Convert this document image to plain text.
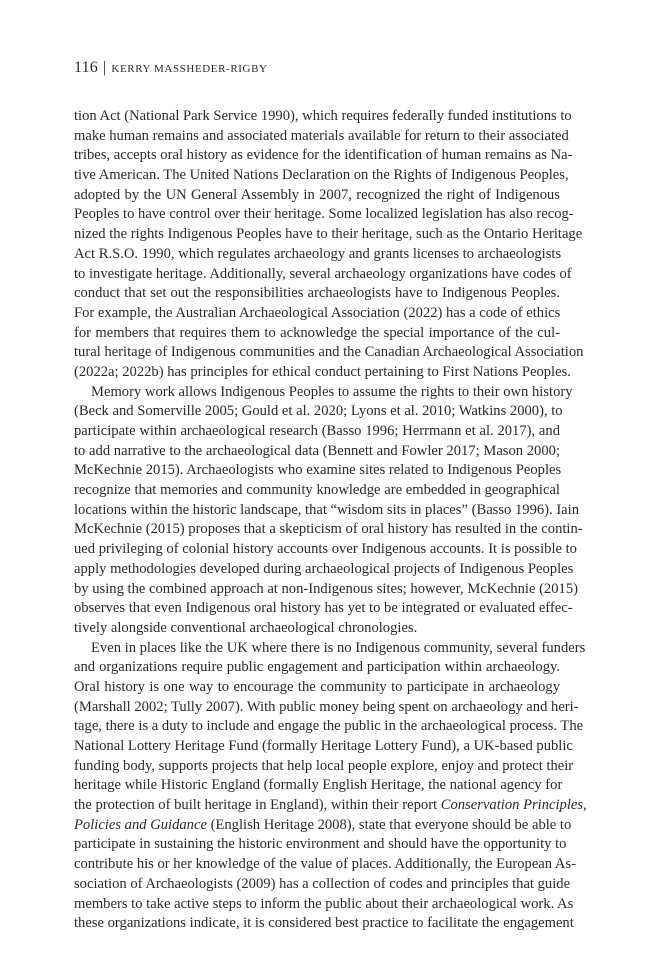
116 | KERRY MASSHEDER-RIGBY
tion Act (National Park Service 1990), which requires federally funded institutions to
make human remains and associated materials available for return to their associated
tribes, accepts oral history as evidence for the identification of human remains as Na-
tive American. The United Nations Declaration on the Rights of Indigenous Peoples,
adopted by the UN General Assembly in 2007, recognized the right of Indigenous
Peoples to have control over their heritage. Some localized legislation has also recog-
nized the rights Indigenous Peoples have to their heritage, such as the Ontario Heritage
Act R.S.O. 1990, which regulates archaeology and grants licenses to archaeologists
to investigate heritage. Additionally, several archaeology organizations have codes of
conduct that set out the responsibilities archaeologists have to Indigenous Peoples.
For example, the Australian Archaeological Association (2022) has a code of ethics
for members that requires them to acknowledge the special importance of the cul-
tural heritage of Indigenous communities and the Canadian Archaeological Association
(2022a; 2022b) has principles for ethical conduct pertaining to First Nations Peoples.
Memory work allows Indigenous Peoples to assume the rights to their own history
(Beck and Somerville 2005; Gould et al. 2020; Lyons et al. 2010; Watkins 2000), to
participate within archaeological research (Basso 1996; Herrmann et al. 2017), and
to add narrative to the archaeological data (Bennett and Fowler 2017; Mason 2000;
McKechnie 2015). Archaeologists who examine sites related to Indigenous Peoples
recognize that memories and community knowledge are embedded in geographical
locations within the historic landscape, that “wisdom sits in places” (Basso 1996). Iain
McKechnie (2015) proposes that a skepticism of oral history has resulted in the contin-
ued privileging of colonial history accounts over Indigenous accounts. It is possible to
apply methodologies developed during archaeological projects of Indigenous Peoples
by using the combined approach at non-Indigenous sites; however, McKechnie (2015)
observes that even Indigenous oral history has yet to be integrated or evaluated effec-
tively alongside conventional archaeological chronologies.
Even in places like the UK where there is no Indigenous community, several funders
and organizations require public engagement and participation within archaeology.
Oral history is one way to encourage the community to participate in archaeology
(Marshall 2002; Tully 2007). With public money being spent on archaeology and heri-
tage, there is a duty to include and engage the public in the archaeological process. The
National Lottery Heritage Fund (formally Heritage Lottery Fund), a UK-based public
funding body, supports projects that help local people explore, enjoy and protect their
heritage while Historic England (formally English Heritage, the national agency for
the protection of built heritage in England), within their report Conservation Principles,
Policies and Guidance (English Heritage 2008), state that everyone should be able to
participate in sustaining the historic environment and should have the opportunity to
contribute his or her knowledge of the value of places. Additionally, the European As-
sociation of Archaeologists (2009) has a collection of codes and principles that guide
members to take active steps to inform the public about their archaeological work. As
these organizations indicate, it is considered best practice to facilitate the engagement
